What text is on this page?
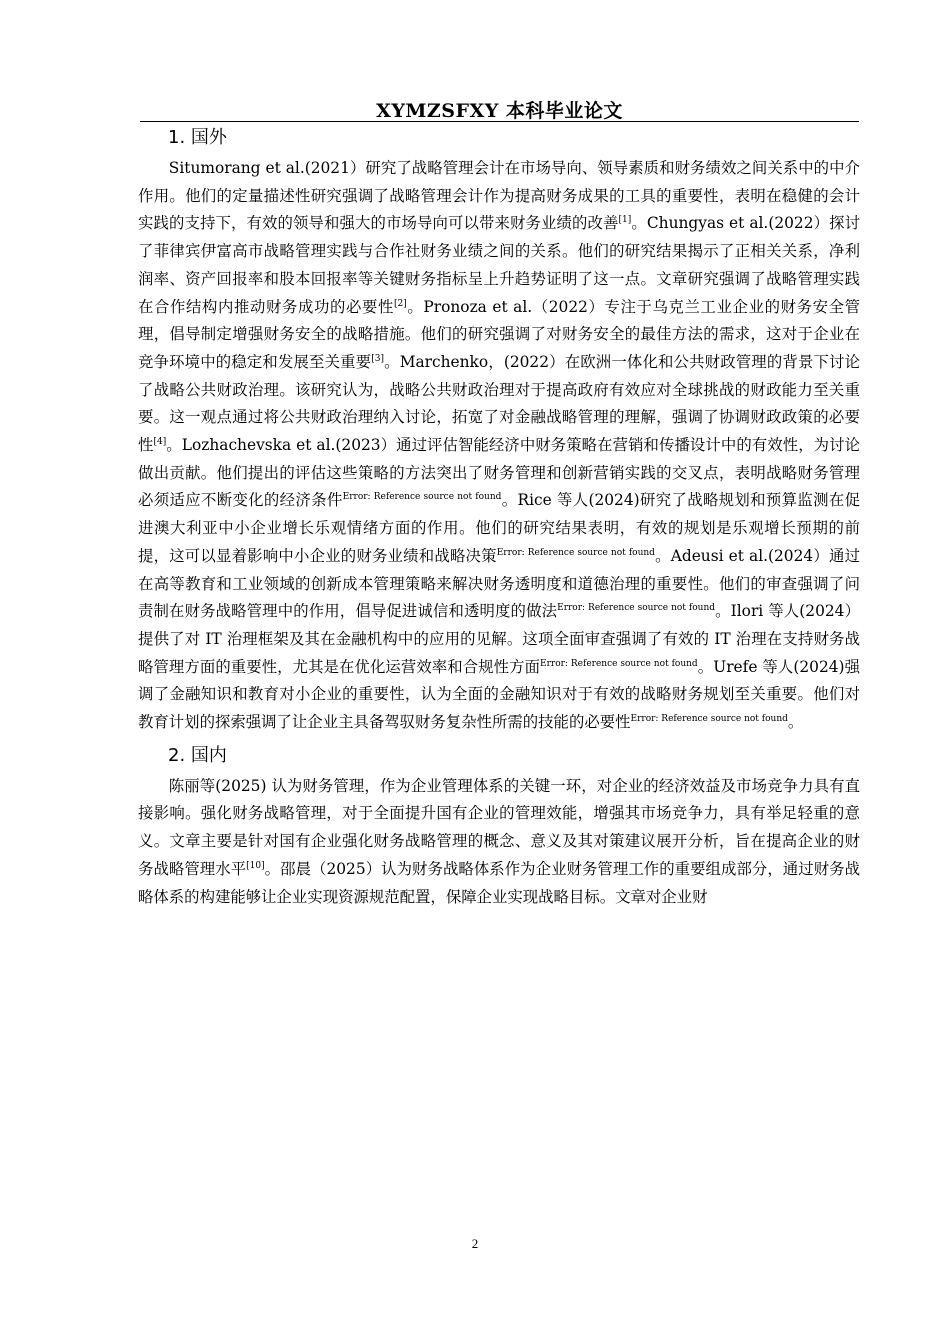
XYMZSFXY 本科毕业论文
1. 国外

Situmorang et al.(2021）研究了战略管理会计在市场导向、领导素质和财务绩效之间关系中的中介作用。他们的定量描述性研究强调了战略管理会计作为提高财务成果的工具的重要性，表明在稳健的会计实践的支持下，有效的领导和强大的市场导向可以带来财务业绩的改善[1]。Chungyas et al.(2022）探讨了菲律宾伊富高市战略管理实践与合作社财务业绩之间的关系。他们的研究结果揭示了正相关关系，净利润率、资产回报率和股本回报率等关键财务指标呈上升趋势证明了这一点。文章研究强调了战略管理实践在合作结构内推动财务成功的必要性[2]。Pronoza et al.（2022）专注于乌克兰工业企业的财务安全管理，倡导制定增强财务安全的战略措施。他们的研究强调了对财务安全的最佳方法的需求，这对于企业在竞争环境中的稳定和发展至关重要[3]。Marchenko，(2022）在欧洲一体化和公共财政管理的背景下讨论了战略公共财政治理。该研究认为，战略公共财政治理对于提高政府有效应对全球挑战的财政能力至关重要。这一观点通过将公共财政治理纳入讨论，拓宽了对金融战略管理的理解，强调了协调财政政策的必要性[4]。Lozhachevska et al.(2023）通过评估智能经济中财务策略在营销和传播设计中的有效性，为讨论做出贡献。他们提出的评估这些策略的方法突出了财务管理和创新营销实践的交叉点，表明战略财务管理必须适应不断变化的经济条件$^{Error: Reference source not found}$。Rice 等人(2024)研究了战略规划和预算监测在促进澳大利亚中小企业增长乐观情绪方面的作用。他们的研究结果表明，有效的规划是乐观增长预期的前提，这可以显着影响中小企业的财务业绩和战略决策$^{Error: Reference source not found}$。Adeusi et al.(2024）通过在高等教育和工业领域的创新成本管理策略来解决财务透明度和道德治理的重要性。他们的审查强调了问责制在财务战略管理中的作用，倡导促进诚信和透明度的做法$^{Error: Reference source not found}$。Ilori 等人(2024）提供了对 IT 治理框架及其在金融机构中的应用的见解。这项全面审查强调了有效的 IT 治理在支持财务战略管理方面的重要性，尤其是在优化运营效率和合规性方面$^{Error: Reference source not found}$。Urefe 等人(2024)强调了金融知识和教育对小企业的重要性，认为全面的金融知识对于有效的战略财务规划至关重要。他们对教育计划的探索强调了让企业主具备驾驭财务复杂性所需的技能的必要性$^{Error: Reference source not found}$。

2. 国内

陈丽等(2025) 认为财务管理，作为企业管理体系的关键一环，对企业的经济效益及市场竞争力具有直接影响。强化财务战略管理，对于全面提升国有企业的管理效能，增强其市场竞争力，具有举足轻重的意义。文章主要是针对国有企业强化财务战略管理的概念、意义及其对策建议展开分析，旨在提高企业的财务战略管理水平[10]。邵晨（2025）认为财务战略体系作为企业财务管理工作的重要组成部分，通过财务战略体系的构建能够让企业实现资源规范配置，保障企业实现战略目标。文章对企业财

2
